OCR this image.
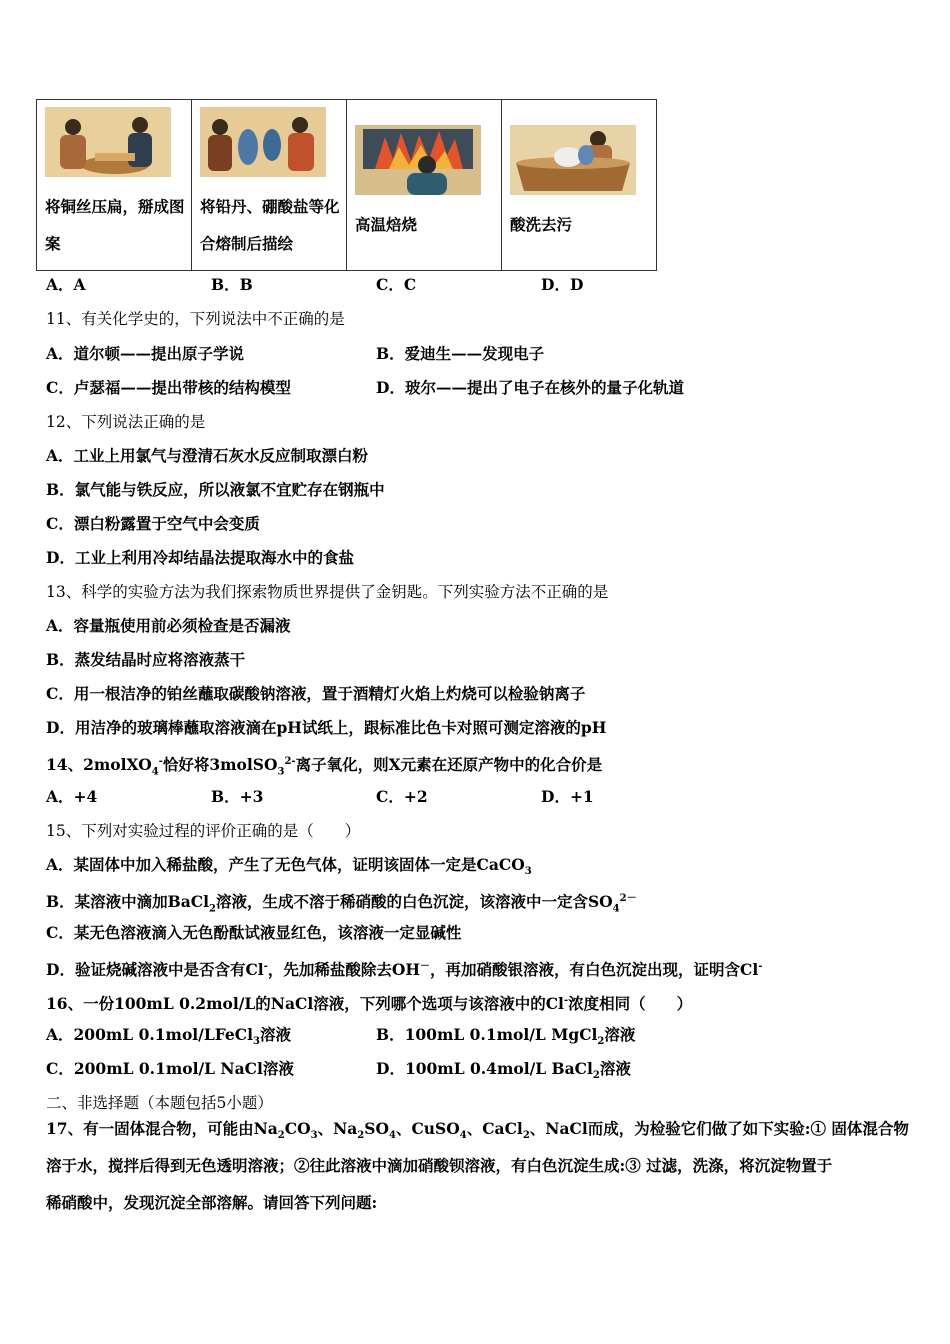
将铜丝压扁，掰成图案

将铅丹、硼酸盐等化合熔制后描绘

高温焙烧	酸洗去污
A．A	B．B	C．C	D．D
11、有关化学史的，下列说法中不正确的是
A．道尔顿——提出原子学说	B．爱迪生——发现电子
C．卢瑟福——提出带核的结构模型	D．玻尔——提出了电子在核外的量子化轨道
12、下列说法正确的是
A．工业上用氯气与澄清石灰水反应制取漂白粉
B．氯气能与铁反应，所以液氯不宜贮存在钢瓶中
C．漂白粉露置于空气中会变质
D．工业上利用冷却结晶法提取海水中的食盐
13、科学的实验方法为我们探索物质世界提供了金钥匙。下列实验方法不正确的是
A．容量瓶使用前必须检查是否漏液
B．蒸发结晶时应将溶液蒸干
C．用一根洁净的铂丝蘸取碳酸钠溶液，置于酒精灯火焰上灼烧可以检验钠离子
D．用洁净的玻璃棒蘸取溶液滴在pH试纸上，跟标准比色卡对照可测定溶液的pH
14、2molXO$_4$-恰好将3molSO$_3^{2-}$离子氧化，则X元素在还原产物中的化合价是
A．+4	B．+3	C．+2	D．+1
15、下列对实验过程的评价正确的是（　　）
A．某固体中加入稀盐酸，产生了无色气体，证明该固体一定是CaCO$_3$
B．某溶液中滴加BaCl$_2$溶液，生成不溶于稀硝酸的白色沉淀，该溶液中一定含$SO_4^{2-}$
C．某无色溶液滴入无色酚酞试液显红色，该溶液一定显碱性
D．验证烧碱溶液中是否含有Cl-，先加稀盐酸除去OH－，再加硝酸银溶液，有白色沉淀出现，证明含Cl-
16、一份100mL 0.2mol/L的NaCl溶液，下列哪个选项与该溶液中的Cl-浓度相同（　　）
A．200mL 0.1mol/LFeCl$_3$溶液	B．100mL 0.1mol/L MgCl$_2$溶液
C．200mL 0.1mol/L NaCl溶液	D．100mL 0.4mol/L BaCl$_2$溶液
二、非选择题（本题包括5小题）
17、有一固体混合物，可能由$Na_2CO_3$、$Na_2SO_4$、CuSO$_4$、CaCl$_2$、NaCl而成，为检验它们做了如下实验:① 固体混合物
溶于水，搅拌后得到无色透明溶液；②往此溶液中滴加硝酸钡溶液，有白色沉淀生成:③ 过滤，洗涤，将沉淀物置于
稀硝酸中，发现沉淀全部溶解。请回答下列问题:
